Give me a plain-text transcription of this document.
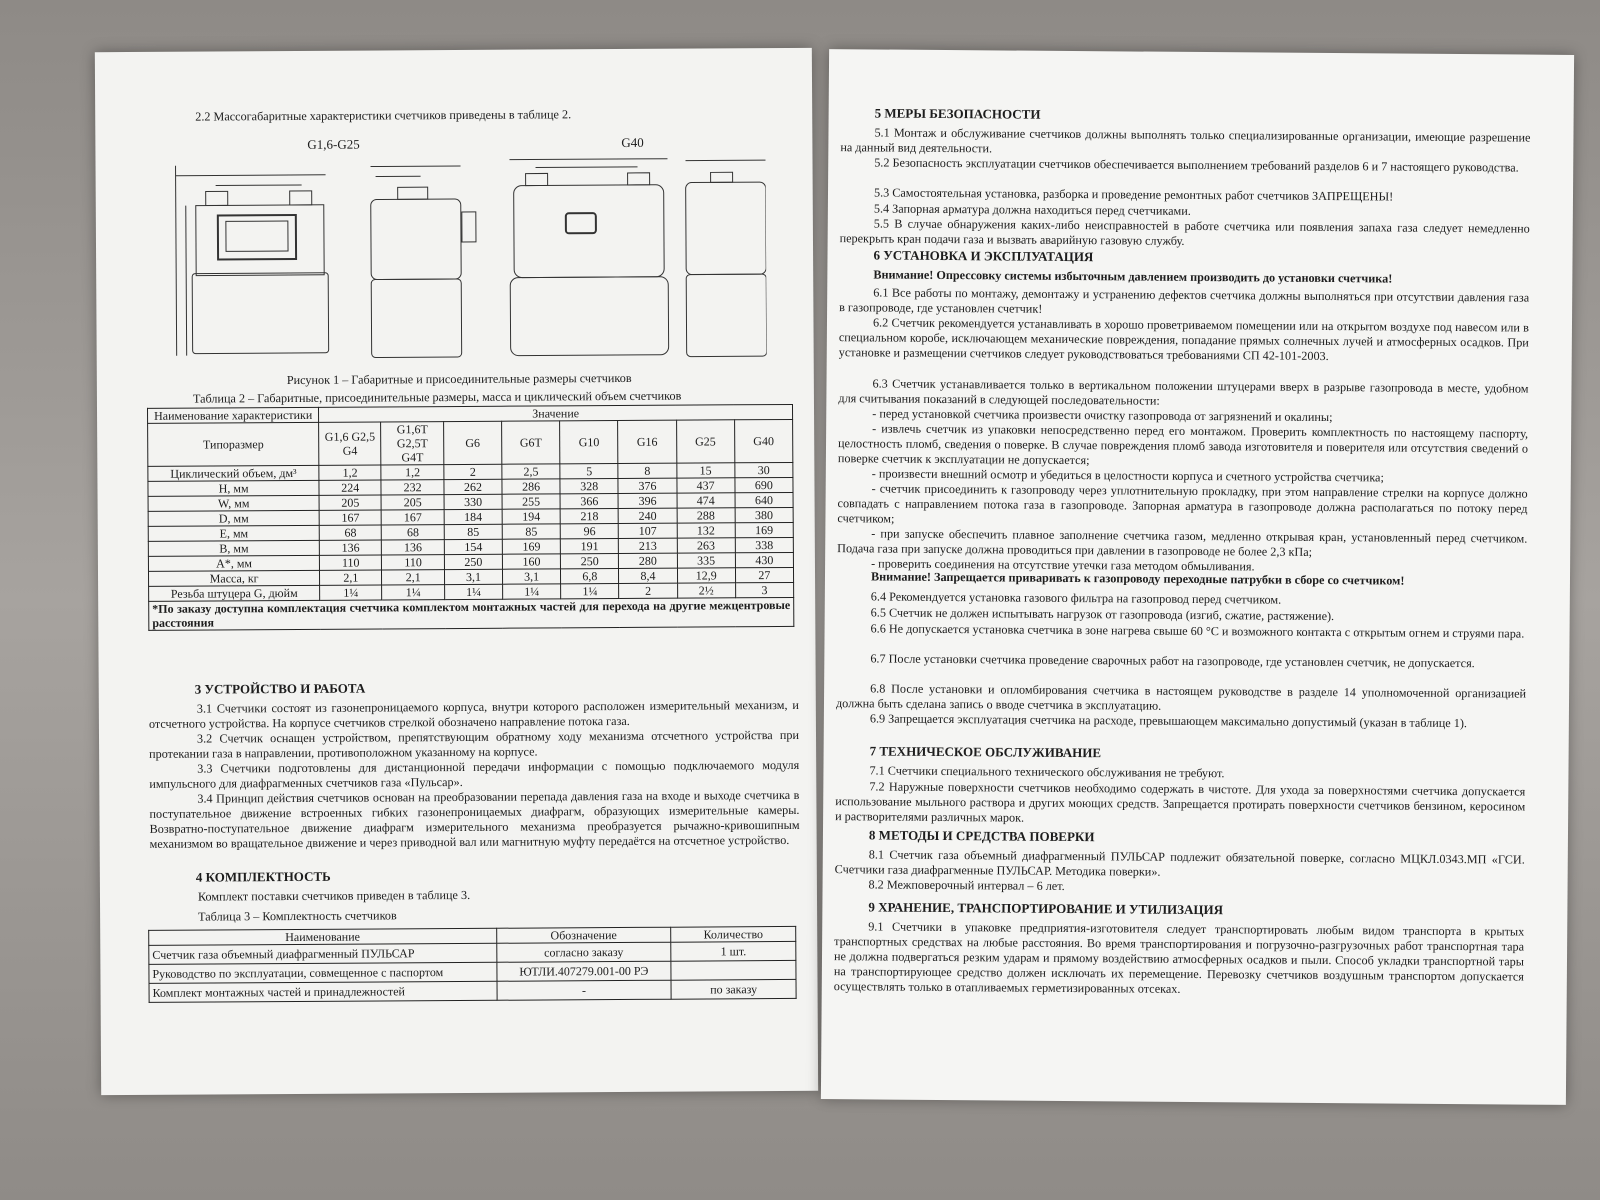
2.2 Массогабаритные характеристики счетчиков приведены в таблице 2.
G1,6-G25	G40
Рисунок 1 – Габаритные и присоединительные размеры счетчиков
Таблица 2 – Габаритные, присоединительные размеры, масса и циклический объем счетчиков
Наименование характеристики	Значение							
Типоразмер	G1,6 G2,5 G4	G1,6T G2,5T G4T	G6	G6T	G10	G16	G25	G40
Циклический объем, дм³	1,2	1,2	2	2,5	5	8	15	30
H, мм	224	232	262	286	328	376	437	690
W, мм	205	205	330	255	366	396	474	640
D, мм	167	167	184	194	218	240	288	380
E, мм	68	68	85	85	96	107	132	169
B, мм	136	136	154	169	191	213	263	338
A*, мм	110	110	250	160	250	280	335	430
Масса, кг	2,1	2,1	3,1	3,1	6,8	8,4	12,9	27
Резьба штуцера G, дюйм	1¼	1¼	1¼	1¼	1¼	2	2½	3
*По заказу доступна комплектация счетчика комплектом монтажных частей для перехода на другие межцентровые расстояния								
3 УСТРОЙСТВО И РАБОТА
3.1 Счетчики состоят из газонепроницаемого корпуса, внутри которого расположен измерительный механизм, и отсчетного устройства. На корпусе счетчиков стрелкой обозначено направление потока газа.
3.2 Счетчик оснащен устройством, препятствующим обратному ходу механизма отсчетного устройства при протекании газа в направлении, противоположном указанному на корпусе.
3.3 Счетчики подготовлены для дистанционной передачи информации с помощью подключаемого модуля импульсного для диафрагменных счетчиков газа «Пульсар».
3.4 Принцип действия счетчиков основан на преобразовании перепада давления газа на входе и выходе счетчика в поступательное движение встроенных гибких газонепроницаемых диафрагм, образующих измерительные камеры. Возвратно-поступательное движение диафрагм измерительного механизма преобразуется рычажно-кривошипным механизмом во вращательное движение и через приводной вал или магнитную муфту передаётся на отсчетное устройство.
4 КОМПЛЕКТНОСТЬ
Комплект поставки счетчиков приведен в таблице 3.
Таблица 3 – Комплектность счетчиков
Наименование	Обозначение	Количество
Счетчик газа объемный диафрагменный ПУЛЬСАР	согласно заказу	1 шт.
Руководство по эксплуатации, совмещенное с паспортом	ЮТЛИ.407279.001-00 РЭ	
Комплект монтажных частей и принадлежностей	-	по заказу
5 МЕРЫ БЕЗОПАСНОСТИ
5.1 Монтаж и обслуживание счетчиков должны выполнять только специализированные организации, имеющие разрешение на данный вид деятельности.
5.2 Безопасность эксплуатации счетчиков обеспечивается выполнением требований разделов 6 и 7 настоящего руководства.
5.3 Самостоятельная установка, разборка и проведение ремонтных работ счетчиков ЗАПРЕЩЕНЫ!
5.4 Запорная арматура должна находиться перед счетчиками.
5.5 В случае обнаружения каких-либо неисправностей в работе счетчика или появления запаха газа следует немедленно перекрыть кран подачи газа и вызвать аварийную газовую службу.
6 УСТАНОВКА И ЭКСПЛУАТАЦИЯ
Внимание! Опрессовку системы избыточным давлением производить до установки счетчика!
6.1 Все работы по монтажу, демонтажу и устранению дефектов счетчика должны выполняться при отсутствии давления газа в газопроводе, где установлен счетчик!
6.2 Счетчик рекомендуется устанавливать в хорошо проветриваемом помещении или на открытом воздухе под навесом или в специальном коробе, исключающем механические повреждения, попадание прямых солнечных лучей и атмосферных осадков. При установке и размещении счетчиков следует руководствоваться требованиями СП 42-101-2003.
6.3 Счетчик устанавливается только в вертикальном положении штуцерами вверх в разрыве газопровода в месте, удобном для считывания показаний в следующей последовательности:
- перед установкой счетчика произвести очистку газопровода от загрязнений и окалины;
- извлечь счетчик из упаковки непосредственно перед его монтажом. Проверить комплектность по настоящему паспорту, целостность пломб, сведения о поверке. В случае повреждения пломб завода изготовителя и поверителя или отсутствия сведений о поверке счетчик к эксплуатации не допускается;
- произвести внешний осмотр и убедиться в целостности корпуса и счетного устройства счетчика;
- счетчик присоединить к газопроводу через уплотнительную прокладку, при этом направление стрелки на корпусе должно совпадать с направлением потока газа в газопроводе. Запорная арматура в газопроводе должна располагаться по потоку перед счетчиком;
- при запуске обеспечить плавное заполнение счетчика газом, медленно открывая кран, установленный перед счетчиком. Подача газа при запуске должна проводиться при давлении в газопроводе не более 2,3 кПа;
- проверить соединения на отсутствие утечки газа методом обмыливания.
Внимание! Запрещается приваривать к газопроводу переходные патрубки в сборе со счетчиком!
6.4 Рекомендуется установка газового фильтра на газопровод перед счетчиком.
6.5 Счетчик не должен испытывать нагрузок от газопровода (изгиб, сжатие, растяжение).
6.6 Не допускается установка счетчика в зоне нагрева свыше 60 °С и возможного контакта с открытым огнем и струями пара.
6.7 После установки счетчика проведение сварочных работ на газопроводе, где установлен счетчик, не допускается.
6.8 После установки и опломбирования счетчика в настоящем руководстве в разделе 14 уполномоченной организацией должна быть сделана запись о вводе счетчика в эксплуатацию.
6.9 Запрещается эксплуатация счетчика на расходе, превышающем максимально допустимый (указан в таблице 1).
7 ТЕХНИЧЕСКОЕ ОБСЛУЖИВАНИЕ
7.1 Счетчики специального технического обслуживания не требуют.
7.2 Наружные поверхности счетчиков необходимо содержать в чистоте. Для ухода за поверхностями счетчика допускается использование мыльного раствора и других моющих средств. Запрещается протирать поверхности счетчиков бензином, керосином и растворителями различных марок.
8 МЕТОДЫ И СРЕДСТВА ПОВЕРКИ
8.1 Счетчик газа объемный диафрагменный ПУЛЬСАР подлежит обязательной поверке, согласно МЦКЛ.0343.МП «ГСИ. Счетчики газа диафрагменные ПУЛЬСАР. Методика поверки».
8.2 Межповерочный интервал – 6 лет.
9 ХРАНЕНИЕ, ТРАНСПОРТИРОВАНИЕ И УТИЛИЗАЦИЯ
9.1 Счетчики в упаковке предприятия-изготовителя следует транспортировать любым видом транспорта в крытых транспортных средствах на любые расстояния. Во время транспортирования и погрузочно-разгрузочных работ транспортная тара не должна подвергаться резким ударам и прямому воздействию атмосферных осадков и пыли. Способ укладки транспортной тары на транспортирующее средство должен исключать их перемещение. Перевозку счетчиков воздушным транспортом допускается осуществлять только в отапливаемых герметизированных отсеках.
